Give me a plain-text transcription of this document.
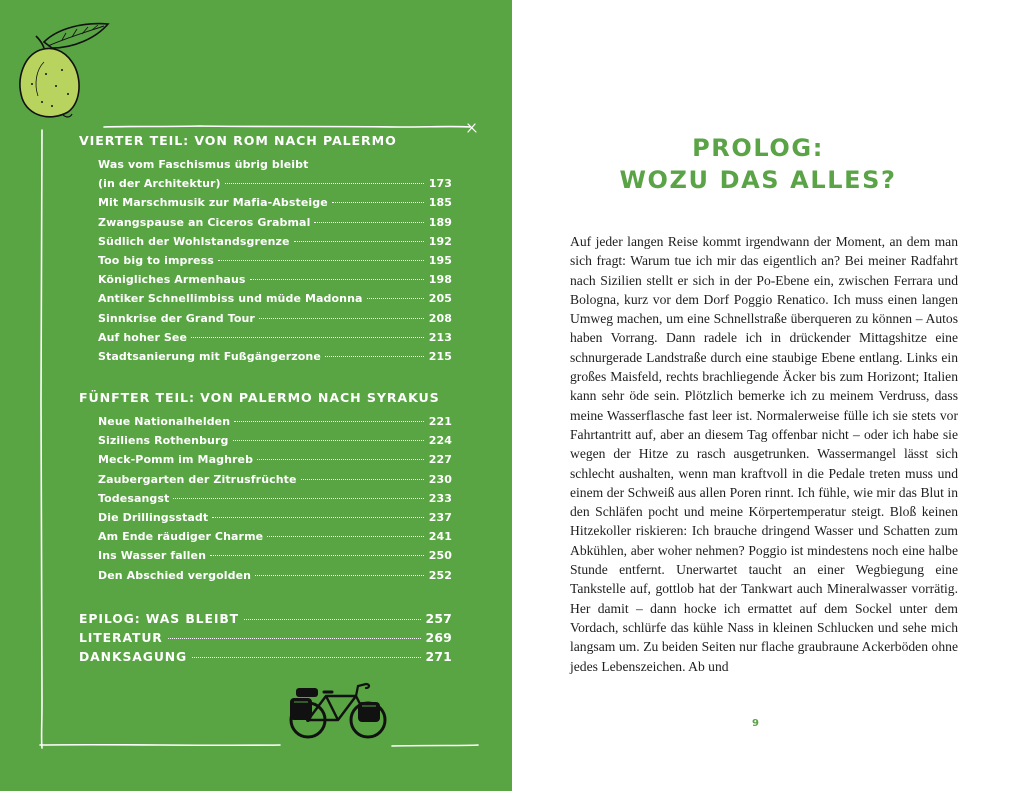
VIERTER TEIL: VON ROM NACH PALERMO
Was vom Faschismus übrig bleibt
(in der Architektur)	173
Mit Marschmusik zur Mafia-Absteige	185
Zwangspause an Ciceros Grabmal	189
Südlich der Wohlstandsgrenze	192
Too big to impress	195
Königliches Armenhaus	198
Antiker Schnellimbiss und müde Madonna	205
Sinnkrise der Grand Tour	208
Auf hoher See	213
Stadtsanierung mit Fußgängerzone	215
FÜNFTER TEIL: VON PALERMO NACH SYRAKUS
Neue Nationalhelden	221
Siziliens Rothenburg	224
Meck-Pomm im Maghreb	227
Zaubergarten der Zitrusfrüchte	230
Todesangst	233
Die Drillingsstadt	237
Am Ende räudiger Charme	241
Ins Wasser fallen	250
Den Abschied vergolden	252
EPILOG: WAS BLEIBT	257
LITERATUR	269
DANKSAGUNG	271
PROLOG:
WOZU DAS ALLES?

Auf jeder langen Reise kommt irgendwann der Moment, an dem man sich fragt: Warum tue ich mir das eigentlich an? Bei meiner Radfahrt nach Sizilien stellt er sich in der Po-Ebene ein, zwischen Ferrara und Bologna, kurz vor dem Dorf Poggio Renatico. Ich muss einen langen Umweg machen, um eine Schnellstraße überqueren zu können – Autos haben Vorrang. Dann radele ich in drückender Mittagshitze eine schnurgerade Landstraße durch eine staubige Ebene entlang. Links ein großes Maisfeld, rechts brachliegende Äcker bis zum Horizont; Italien kann sehr öde sein. Plötzlich bemerke ich zu meinem Verdruss, dass meine Wasserflasche fast leer ist. Normalerweise fülle ich sie stets vor Fahrtantritt auf, aber an diesem Tag offenbar nicht – oder ich habe sie wegen der Hitze zu rasch ausgetrunken. Wassermangel lässt sich schlecht aushalten, wenn man kraftvoll in die Pedale treten muss und einem der Schweiß aus allen Poren rinnt. Ich fühle, wie mir das Blut in den Schläfen pocht und meine Körpertemperatur steigt. Bloß keinen Hitzekoller riskieren: Ich brauche dringend Wasser und Schatten zum Abkühlen, aber woher nehmen? Poggio ist mindestens noch eine halbe Stunde entfernt. Unerwartet taucht an einer Wegbiegung eine Tankstelle auf, gottlob hat der Tankwart auch Mineralwasser vorrätig. Her damit – dann hocke ich ermattet auf dem Sockel unter dem Vordach, schlürfe das kühle Nass in kleinen Schlucken und sehe mich langsam um. Zu beiden Seiten nur flache graubraune Ackerböden ohne jedes Lebenszeichen. Ab und

9
